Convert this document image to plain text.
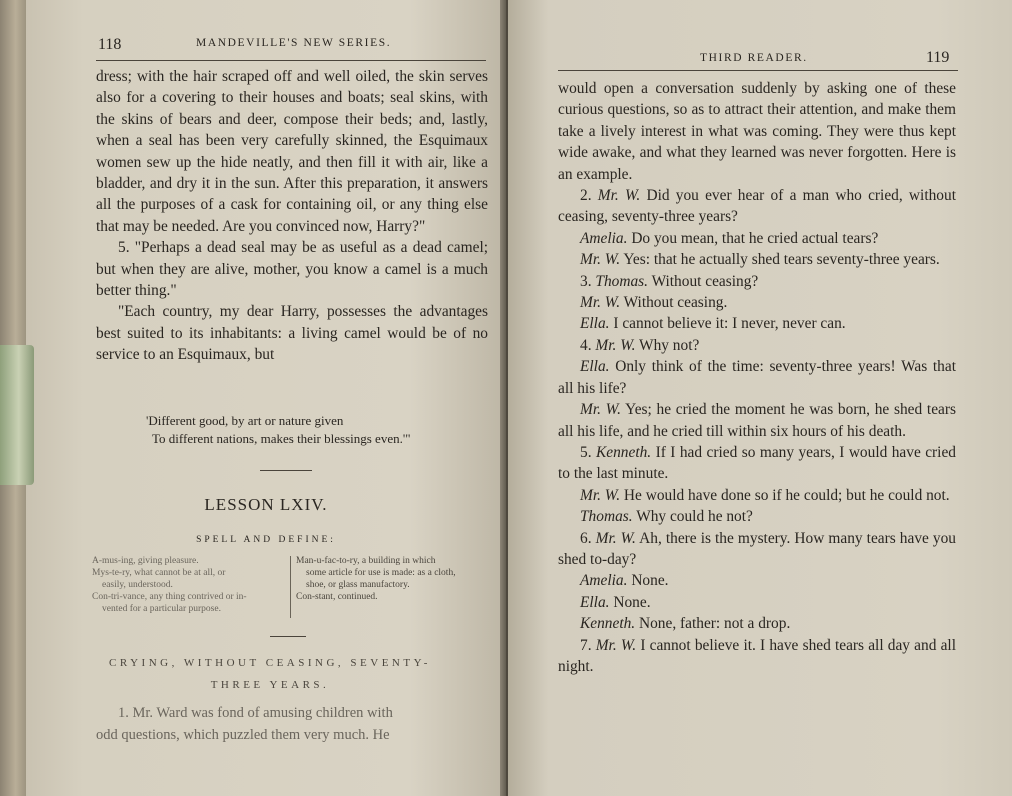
118	MANDEVILLE'S NEW SERIES.

dress; with the hair scraped off and well oiled, the skin serves also for a covering to their houses and boats; seal skins, with the skins of bears and deer, compose their beds; and, lastly, when a seal has been very carefully skinned, the Esquimaux women sew up the hide neatly, and then fill it with air, like a bladder, and dry it in the sun. After this preparation, it answers all the purposes of a cask for containing oil, or any thing else that may be needed. Are you convinced now, Harry?"

5. "Perhaps a dead seal may be as useful as a dead camel; but when they are alive, mother, you know a camel is a much better thing."

"Each country, my dear Harry, possesses the advantages best suited to its inhabitants: a living camel would be of no service to an Esquimaux, but

'Different good, by art or nature given
To different nations, makes their blessings even.'"
LESSON LXIV.
SPELL AND DEFINE:
A-mus-ing, giving pleasure.
Mys-te-ry, what cannot be at all, or
easily, understood.
Con-tri-vance, any thing contrived or in-
vented for a particular purpose.
Man-u-fac-to-ry, a building in which
some article for use is made: as a cloth,
shoe, or glass manufactory.
Con-stant, continued.
CRYING, WITHOUT CEASING, SEVENTY-
THREE YEARS.
1. Mr. Ward was fond of amusing children with
odd questions, which puzzled them very much. He
THIRD READER.	119

would open a conversation suddenly by asking one of these curious questions, so as to attract their attention, and make them take a lively interest in what was coming. They were thus kept wide awake, and what they learned was never forgotten. Here is an example.

2. Mr. W. Did you ever hear of a man who cried, without ceasing, seventy-three years?

Amelia. Do you mean, that he cried actual tears?

Mr. W. Yes: that he actually shed tears seventy-three years.

3. Thomas. Without ceasing?

Mr. W. Without ceasing.

Ella. I cannot believe it: I never, never can.

4. Mr. W. Why not?

Ella. Only think of the time: seventy-three years! Was that all his life?

Mr. W. Yes; he cried the moment he was born, he shed tears all his life, and he cried till within six hours of his death.

5. Kenneth. If I had cried so many years, I would have cried to the last minute.

Mr. W. He would have done so if he could; but he could not.

Thomas. Why could he not?

6. Mr. W. Ah, there is the mystery. How many tears have you shed to-day?

Amelia. None.

Ella. None.

Kenneth. None, father: not a drop.

7. Mr. W. I cannot believe it. I have shed tears all day and all night.
